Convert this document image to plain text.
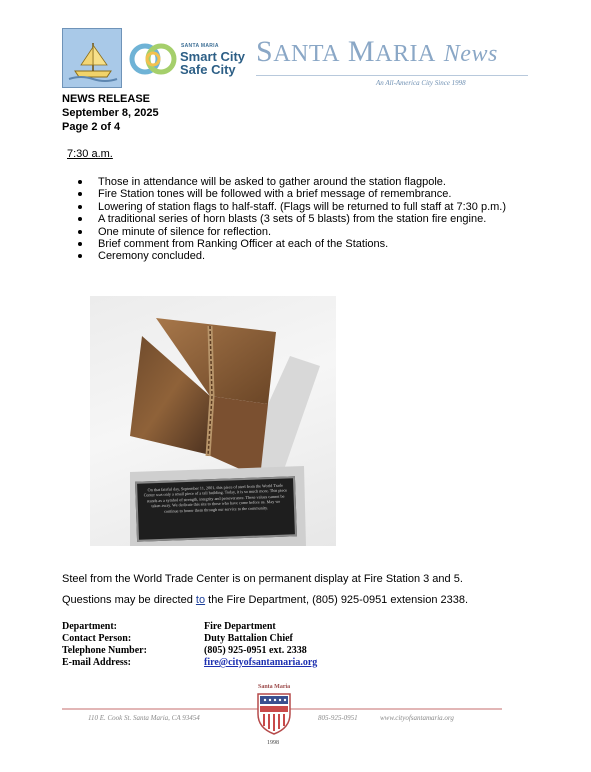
SANTA MARIA
Smart City
Safe City
SANTA MARIA News
An All-America City Since 1998
NEWS RELEASE
September 8, 2025
Page 2 of 4
7:30 a.m.
Those in attendance will be asked to gather around the station flagpole.
Fire Station tones will be followed with a brief message of remembrance.
Lowering of station flags to half-staff. (Flags will be returned to full staff at 7:30 p.m.)
A traditional series of horn blasts (3 sets of 5 blasts) from the station fire engine.
One minute of silence for reflection.
Brief comment from Ranking Officer at each of the Stations.
Ceremony concluded.
On that fateful day, September 11, 2001, this piece of steel from the World Trade Center was only a small piece of a tall building. Today, it is so much more. This piece stands as a symbol of strength, integrity and perseverance. These values cannot be taken away. We dedicate this site to those who have come before us. May we continue to honor them through our service to the community.
Steel from the World Trade Center is on permanent display at Fire Station 3 and 5.
Questions may be directed to the Fire Department, (805) 925-0951 extension 2338.
Department:	Fire Department
Contact Person:	Duty Battalion Chief
Telephone Number:	(805) 925-0951 ext. 2338
E-mail Address:	fire@cityofsantamaria.org
110 E. Cook St. Santa Maria, CA 93454	805-925-0951	www.cityofsantamaria.org
Santa Maria
1998
